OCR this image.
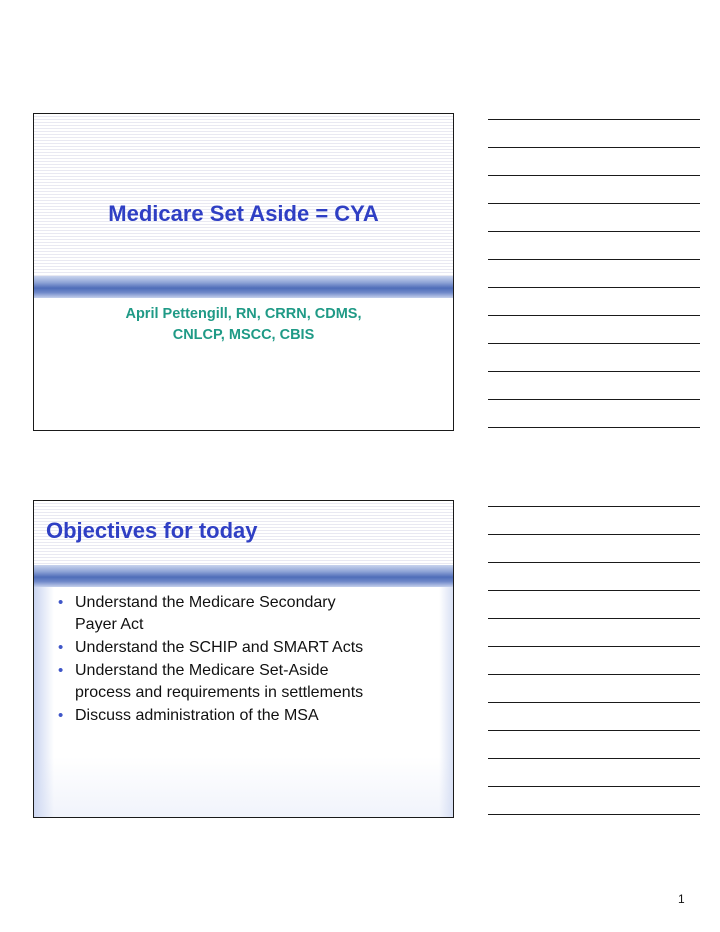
Medicare Set Aside = CYA
April Pettengill, RN, CRRN, CDMS,
CNLCP, MSCC, CBIS
Objectives for today
• Understand the Medicare Secondary
Payer Act
• Understand the SCHIP and SMART Acts
• Understand the Medicare Set-Aside
process and requirements in settlements
• Discuss administration of the MSA
1
